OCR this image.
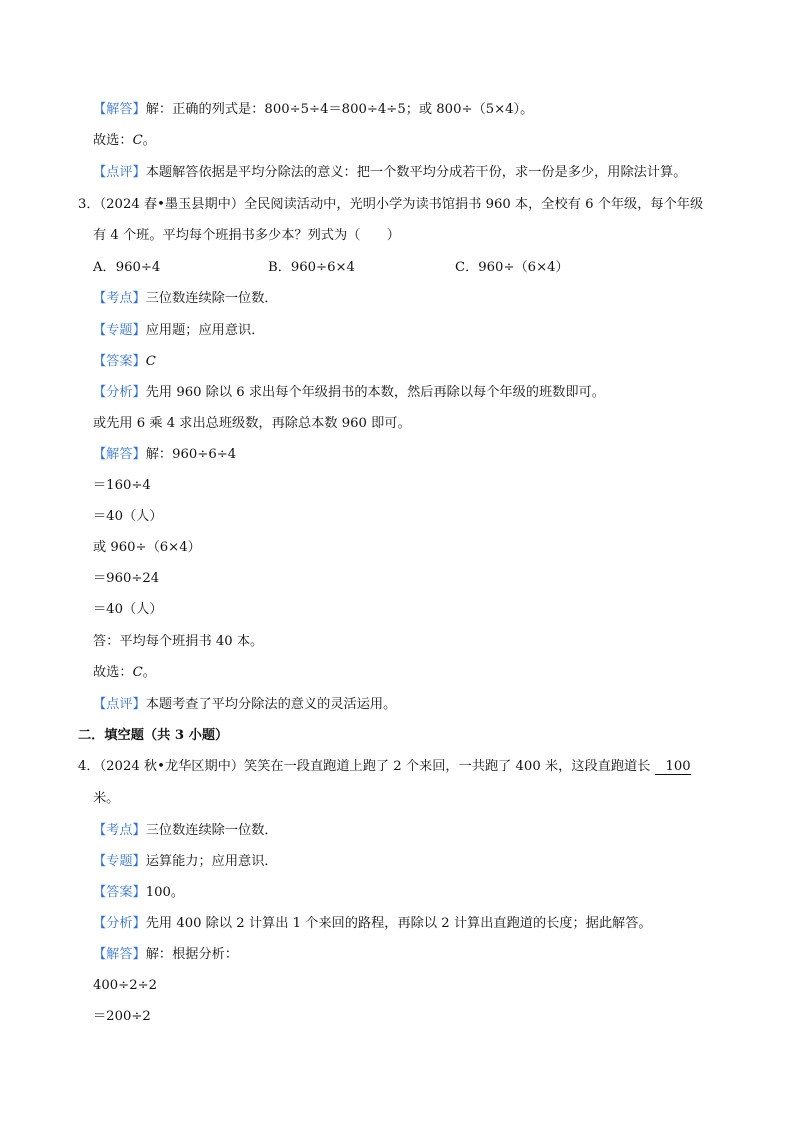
【解答】解：正确的列式是：800÷5÷4＝800÷4÷5；或 800÷（5×4）。
故选：C。
【点评】本题解答依据是平均分除法的意义：把一个数平均分成若干份，求一份是多少，用除法计算。
3．（2024 春•墨玉县期中）全民阅读活动中，光明小学为读书馆捐书 960 本，全校有 6 个年级，每个年级
有 4 个班。平均每个班捐书多少本？列式为（　　）
A．960÷4	B．960÷6×4	C．960÷（6×4）
【考点】三位数连续除一位数．
【专题】应用题；应用意识．
【答案】C
【分析】先用 960 除以 6 求出每个年级捐书的本数，然后再除以每个年级的班数即可。
或先用 6 乘 4 求出总班级数，再除总本数 960 即可。
【解答】解：960÷6÷4
＝160÷4
＝40（人）
或 960÷（6×4）
＝960÷24
＝40（人）
答：平均每个班捐书 40 本。
故选：C。
【点评】本题考查了平均分除法的意义的灵活运用。
二．填空题（共 3 小题）
4．（2024 秋•龙华区期中）笑笑在一段直跑道上跑了 2 个来回，一共跑了 400 米，这段直跑道长 100
米。
【考点】三位数连续除一位数．
【专题】运算能力；应用意识．
【答案】100。
【分析】先用 400 除以 2 计算出 1 个来回的路程，再除以 2 计算出直跑道的长度；据此解答。
【解答】解：根据分析：
400÷2÷2
＝200÷2
